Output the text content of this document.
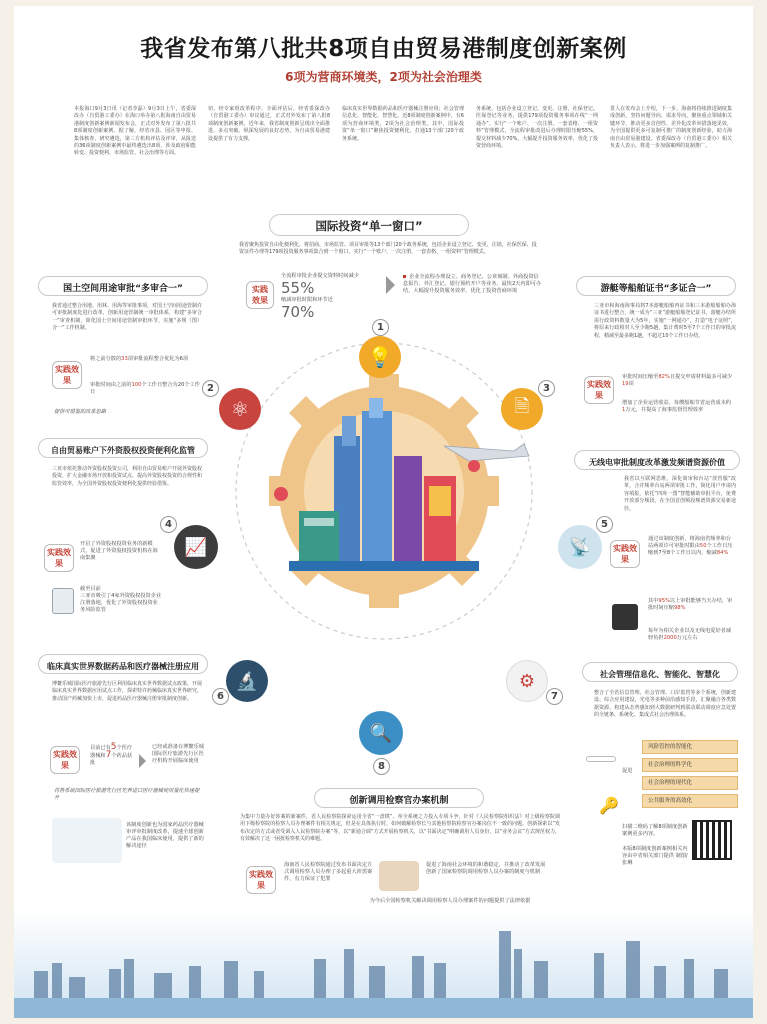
我省发布第八批共8项自由贸易港制度创新案例
6项为营商环境类，2项为社会治理类
本报海口9月3日讯（记者李磊）9月3日上午，省委深改办（自贸港工委办）在海口举办第八批海南自由贸易港制度创新案例新闻发布会，正式对外发布了第八批共8项制度创新案例。据了解，经省市县、园区等申报、集体核查、研究遴选，第三方机构评估及评审，从报送的36项制度创新案例中最终遴选出8项，涉及政府职能转变、投资便利、市场监管、社会治理等方面。
切，经专家组改革程序，全面评估后，经省委深改办（自贸港工委办）审议通过，正式对外发布了第八批8项制度创新案例。近年来，我省制度创新呈现出全面推进、多点突破、纵深发展的良好态势，为自由贸易港建设提供了有力支撑。
临床真实世界数据药品和医疗器械注册应用；社会管理信息化、智能化、智慧化。近8项制度创新案例中，有6项为营商环境类，2项为社会治理类。其中，国际投资“单一窗口”聚焦投资便利化，打通13个部门20个政务系统。
务系统，包括企业设立登记、变更、注册，社保登记、医保登记等业务，提供179项投资服务事项在线“一网通办”。实行“一个账户、一次注册、一套表格、一组资料”管理模式，全流程审批改进后办理时限压缩55%，提交材料减少70%，大幅提升投资服务效率，优化了投资营商环境。
贯人在发布会上介绍，下一步，海南将持续推进制度集成创新，坚持问题导向、需求导向，聚焦重点领域和关键环节，推动更多首创性、差异化改革举措落地见效，为全国提供更多可复制可推广的制度创新经验，助力海南自由贸易港建设。省委深改办（自贸港工委办）相关负责人表示，将进一步加强案例的复制推广。
国际投资“单一窗口”
我省聚焦投资自由化便利化，将招商、市场监管、项目审批等13个部门20个政务系统，包括企业设立登记、变更、注销，社保医保、投资证件办理等179项投资服务事项集合到一个窗口，实行“一个账户、一次注册、一套表格、一组资料”管理模式。
实践效果
全流程审批企业提交资料时间减少
55%
缩减审批时限和环节近
70%
企业全流程办理设立、商务登记、公章刻制、外商投资信息报告、外汇登记、银行预约开户等业务，最快2天内即可办结，大幅提升投资服务效率，优化了投资营商环境
💡
1
⚛
2
🗎
3
📈
4
📡
5
🔬
6
⚙
7
🔍
8
国土空间用途审批“多审合一”
我省通过整合用地、用林、用海等审批事项，对国土空间用途管制许可审批制度化进行改革，创新用途管制统一审批体系，构建“多审合一”审查机制，简化国土空间用途管制审批环节，实施“多规（图）合一”工作机制。
实践效果
将之前分散的33项审批流程整合优化为6项
审批时间由之前的100个工作日整合为20个工作日
提供可借鉴的改革思路
自由贸易账户下外资股权投资便利化监管
三亚市依托推动外资股权投资公司，利用自由贸易账户开展外资股权投资，扩大金融市场开放和投资试点，提高外资股权投资的合规性和监管效率，为全国外资股权投资便利化提供经验借鉴。
实践效果
开启了外资股权投资业务的新模式，促进了外资股权投资机构在海南集聚
截至目前
三亚市吸引了4家外资股权投资企业注册落地，优化了外资股权投资业务风险监管
临床真实世界数据药品和医疗器械注册应用
博鳌乐城国际医疗旅游先行区利用临床真实世界数据试点政策，开展临床真实世界数据应用试点工作，探索特许药械临床真实世界研究，推动国产药械加快上市，促进药品医疗器械注册审批制度创新。
实践效果
目前已有5个医疗器械和7个药品获批
已经或准备在博鳌乐城国际医疗旅游先行区医疗机构开展临床使用
将鲁系统国际医疗旅游先行区先养进口医疗器械使用量化快速提升
该制度创新也为国家药品医疗器械审评审批制度改革，提速全球创新产品在我国临床使用，提供了新的解决途径
游艇等船舶证书“多证合一”
三亚市和海南海事局将7本游艇船舶再证书和三本游船船舶办海证书进行整合，统一成为“三亚”游艇船舶登记证书，游艇办结所需行政资料数量大为5年，实施“一网通办”，打造“电子证照”，将原来行政相对人至少跑5趟，集计费时5至7个工作日的审批流程，精减至最多跑1趟，不超过10个工作日办结。
实践效果
审批时间压缩至82%且提交申请材料最多可减少19项
增加了企业运营收益，每艘船舶节省运营成本约1万元，并提高了海事监督管理效率
无线电审批制度改革激发频谱资源价值
我省以互联网思维，深化简审和台站“放管服”改革，合并频率台站两项审批工作，简化用户申请内容填报，依托“四库一图”智能辅助审批平台，免费开放部分频段，在全国首创频段频谱资源交易新途径。
实践效果
通过该制度创新，将海南省频率和台站两项许可审批时限由50个工作日压缩到7至8个工作日以内，缩减84%
其中95%以上审批能够当天办结，审批时间压缩98%
每年为相关企业以及无线电爱好者减轻负担2000万元左右
社会管理信息化、智能化、智慧化
整合了全省信息管理、社会管理、口岸监管等多个系统，创新建设、综合应用建设，光电等多种前沿感知手段，汇聚融合各类数据资源，构建从态势感知到大数据研判到联动联动调度应急处置的全链条、系统化、集成式社会治理体系。
促进
风险管控的智能化
社会治理的科学化
社会治理的现代化
公共服务的高效化
🔑
扫描二维码了解8项制度创新案例更多内容。
本版8项制度创新案例相关内容由中省相关部门提供 制图/张琳
创新调用检察官办案机制
为集中力量办好涉案的新案件，省人民检察院探索运用全省“一盘棋”，举全系统之力投入专项斗争，针对《人民检察院组织法》对上级检察院调用下级检察院的检察人员办理案件有相关规定，但是在具体执行时，如何破解检察长与其他检察院检察官办案岗位不一致的问题，创新探索以“发布决定的方式或者受调入人民检察院办案”等，以“新通合调”方式开展检察机关，以“书面决定”明确调用人员身份，以“业务会议”方式规范权力，有效解决了这一困扰检察机关的难题。
实践效果
海南省人民检察院通过发布书面决定方式调用检察人员办理了多起重大涉黑案件，有力保证了犯罪
促进了海南社会环境的和谐稳定，并推动了改革发展
创新了国家检察院调用检察人员办案的制度与机制
为今后全国检察机关解决调用检察人员办理案件的问题提供了法律依据
